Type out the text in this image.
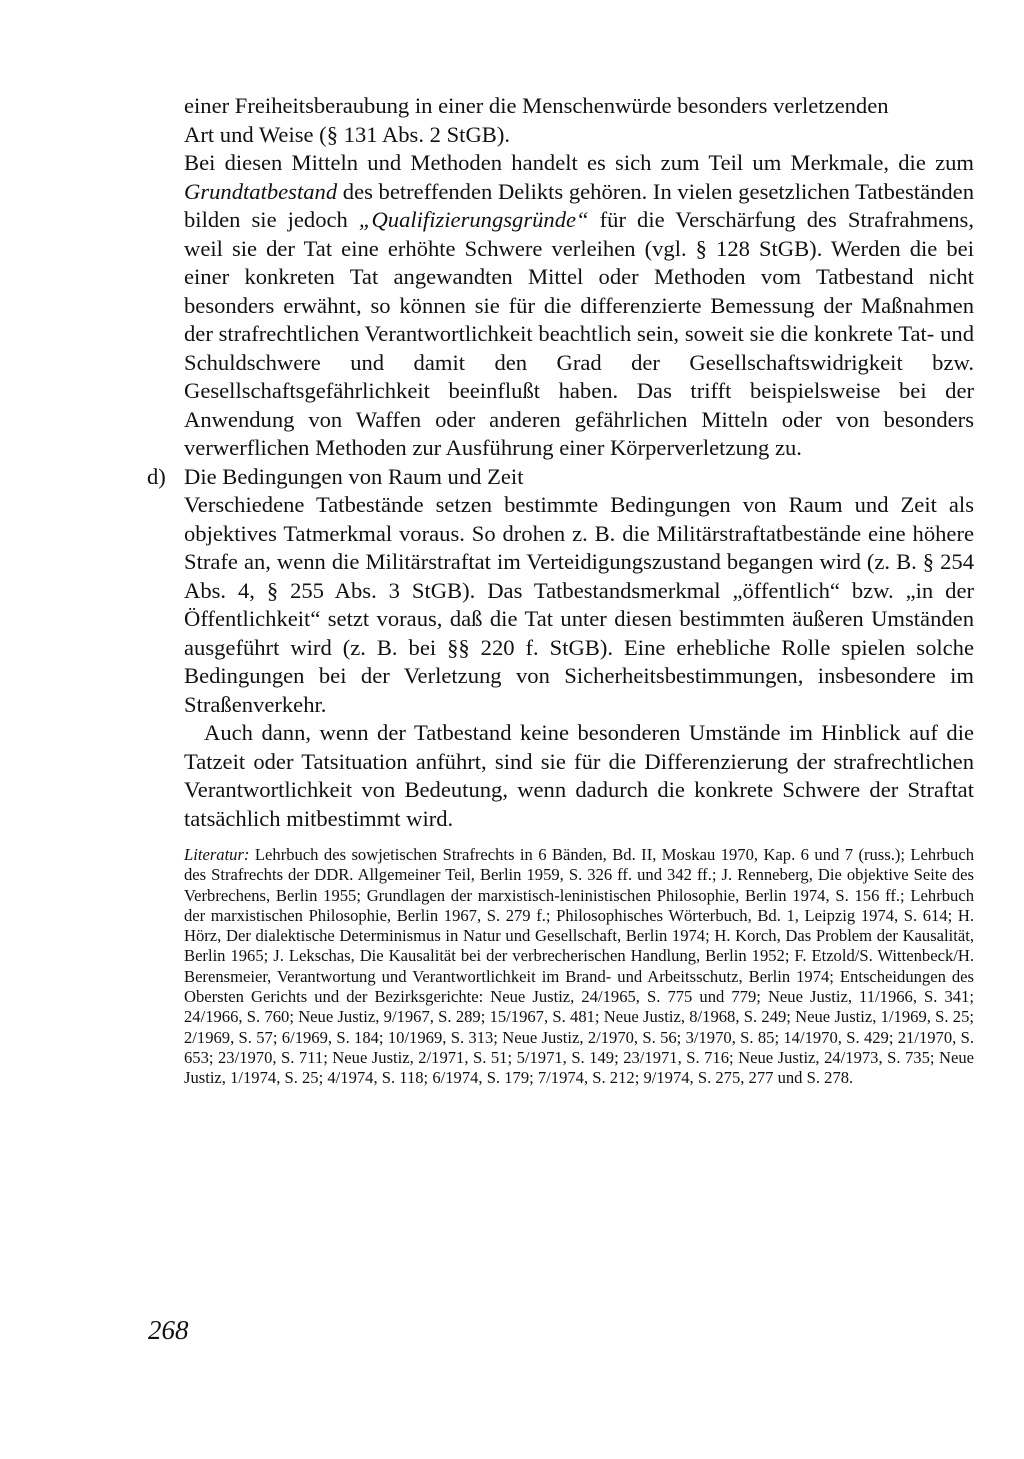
einer Freiheitsberaubung in einer die Menschenwürde besonders verletzenden
Art und Weise (§ 131 Abs. 2 StGB).

Bei diesen Mitteln und Methoden handelt es sich zum Teil um Merkmale, die zum Grundtatbestand des betreffenden Delikts gehören. In vielen gesetzlichen Tatbeständen bilden sie jedoch „Qualifizierungsgründe“ für die Verschärfung des Strafrahmens, weil sie der Tat eine erhöhte Schwere verleihen (vgl. § 128 StGB). Werden die bei einer konkreten Tat angewandten Mittel oder Methoden vom Tatbestand nicht besonders erwähnt, so können sie für die differenzierte Bemessung der Maßnahmen der strafrechtlichen Verantwortlichkeit beachtlich sein, soweit sie die konkrete Tat- und Schuldschwere und damit den Grad der Gesellschaftswidrigkeit bzw. Gesellschaftsgefährlichkeit beeinflußt haben. Das trifft beispielsweise bei der Anwendung von Waffen oder anderen gefährlichen Mitteln oder von besonders verwerflichen Methoden zur Ausführung einer Körperverletzung zu.

d) Die Bedingungen von Raum und Zeit

Verschiedene Tatbestände setzen bestimmte Bedingungen von Raum und Zeit als objektives Tatmerkmal voraus. So drohen z. B. die Militärstraftatbestände eine höhere Strafe an, wenn die Militärstraftat im Verteidigungszustand begangen wird (z. B. § 254 Abs. 4, § 255 Abs. 3 StGB). Das Tatbestandsmerkmal „öffentlich“ bzw. „in der Öffentlichkeit“ setzt voraus, daß die Tat unter diesen bestimmten äußeren Umständen ausgeführt wird (z. B. bei §§ 220 f. StGB). Eine erhebliche Rolle spielen solche Bedingungen bei der Verletzung von Sicherheitsbestimmungen, insbesondere im Straßenverkehr.

Auch dann, wenn der Tatbestand keine besonderen Umstände im Hinblick auf die Tatzeit oder Tatsituation anführt, sind sie für die Differenzierung der strafrechtlichen Verantwortlichkeit von Bedeutung, wenn dadurch die konkrete Schwere der Straftat tatsächlich mitbestimmt wird.

Literatur: Lehrbuch des sowjetischen Strafrechts in 6 Bänden, Bd. II, Moskau 1970, Kap. 6 und 7 (russ.); Lehrbuch des Strafrechts der DDR. Allgemeiner Teil, Berlin 1959, S. 326 ff. und 342 ff.; J. Renneberg, Die objektive Seite des Verbrechens, Berlin 1955; Grundlagen der marxistisch-leninistischen Philosophie, Berlin 1974, S. 156 ff.; Lehrbuch der marxistischen Philosophie, Berlin 1967, S. 279 f.; Philosophisches Wörterbuch, Bd. 1, Leipzig 1974, S. 614; H. Hörz, Der dialektische Determinismus in Natur und Gesellschaft, Berlin 1974; H. Korch, Das Problem der Kausalität, Berlin 1965; J. Lekschas, Die Kausalität bei der verbrecherischen Handlung, Berlin 1952; F. Etzold/S. Wittenbeck/H. Berensmeier, Verantwortung und Verantwortlichkeit im Brand- und Arbeitsschutz, Berlin 1974; Entscheidungen des Obersten Gerichts und der Bezirksgerichte: Neue Justiz, 24/1965, S. 775 und 779; Neue Justiz, 11/1966, S. 341; 24/1966, S. 760; Neue Justiz, 9/1967, S. 289; 15/1967, S. 481; Neue Justiz, 8/1968, S. 249; Neue Justiz, 1/1969, S. 25; 2/1969, S. 57; 6/1969, S. 184; 10/1969, S. 313; Neue Justiz, 2/1970, S. 56; 3/1970, S. 85; 14/1970, S. 429; 21/1970, S. 653; 23/1970, S. 711; Neue Justiz, 2/1971, S. 51; 5/1971, S. 149; 23/1971, S. 716; Neue Justiz, 24/1973, S. 735; Neue Justiz, 1/1974, S. 25; 4/1974, S. 118; 6/1974, S. 179; 7/1974, S. 212; 9/1974, S. 275, 277 und S. 278.

268
